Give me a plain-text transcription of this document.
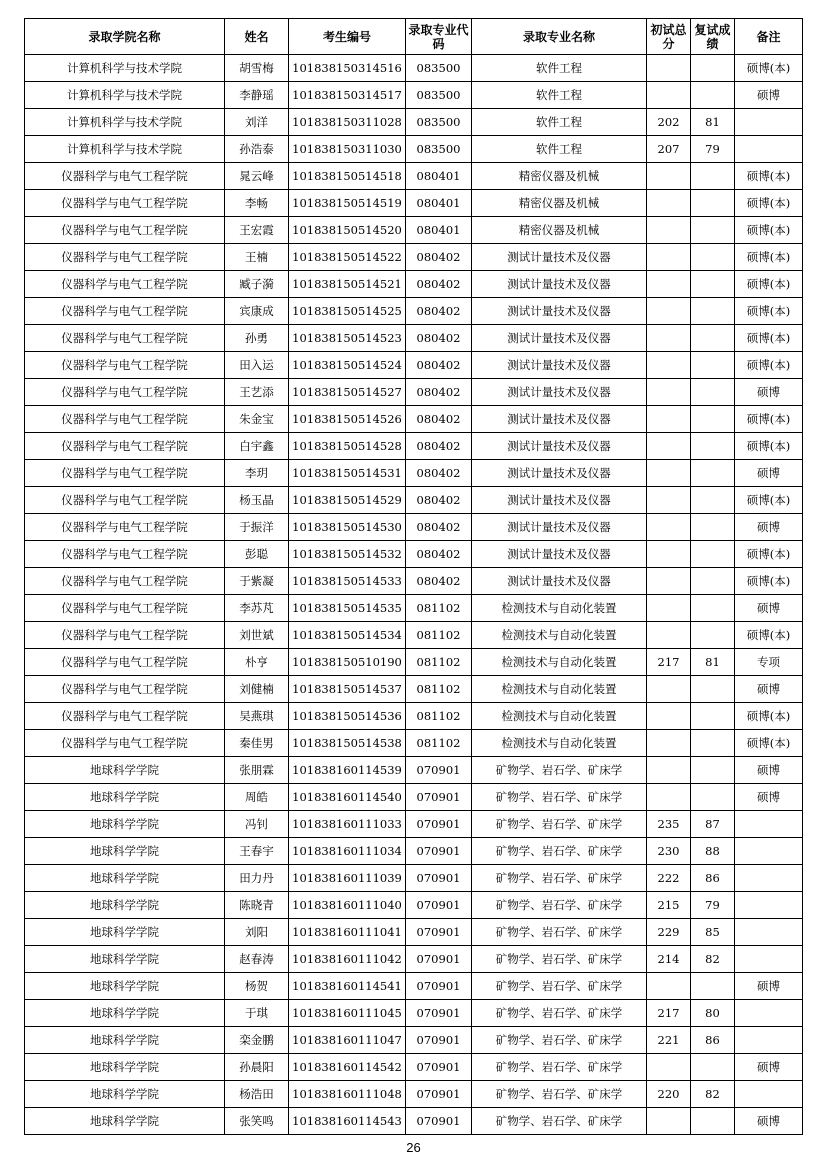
录取学院名称	姓名	考生编号	录取专业代码	录取专业名称	初试总分	复试成绩	备注
计算机科学与技术学院	胡雪梅	101838150314516	083500	软件工程			硕博(本)
计算机科学与技术学院	李静瑶	101838150314517	083500	软件工程			硕博
计算机科学与技术学院	刘洋	101838150311028	083500	软件工程	202	81	
计算机科学与技术学院	孙浩泰	101838150311030	083500	软件工程	207	79	
仪器科学与电气工程学院	晁云峰	101838150514518	080401	精密仪器及机械			硕博(本)
仪器科学与电气工程学院	李畅	101838150514519	080401	精密仪器及机械			硕博(本)
仪器科学与电气工程学院	王宏霞	101838150514520	080401	精密仪器及机械			硕博(本)
仪器科学与电气工程学院	王楠	101838150514522	080402	测试计量技术及仪器			硕博(本)
仪器科学与电气工程学院	臧子漪	101838150514521	080402	测试计量技术及仪器			硕博(本)
仪器科学与电气工程学院	宾康成	101838150514525	080402	测试计量技术及仪器			硕博(本)
仪器科学与电气工程学院	孙勇	101838150514523	080402	测试计量技术及仪器			硕博(本)
仪器科学与电气工程学院	田入运	101838150514524	080402	测试计量技术及仪器			硕博(本)
仪器科学与电气工程学院	王艺添	101838150514527	080402	测试计量技术及仪器			硕博
仪器科学与电气工程学院	朱金宝	101838150514526	080402	测试计量技术及仪器			硕博(本)
仪器科学与电气工程学院	白宇鑫	101838150514528	080402	测试计量技术及仪器			硕博(本)
仪器科学与电气工程学院	李玥	101838150514531	080402	测试计量技术及仪器			硕博
仪器科学与电气工程学院	杨玉晶	101838150514529	080402	测试计量技术及仪器			硕博(本)
仪器科学与电气工程学院	于振洋	101838150514530	080402	测试计量技术及仪器			硕博
仪器科学与电气工程学院	彭聪	101838150514532	080402	测试计量技术及仪器			硕博(本)
仪器科学与电气工程学院	于紫凝	101838150514533	080402	测试计量技术及仪器			硕博(本)
仪器科学与电气工程学院	李苏芃	101838150514535	081102	检测技术与自动化装置			硕博
仪器科学与电气工程学院	刘世斌	101838150514534	081102	检测技术与自动化装置			硕博(本)
仪器科学与电气工程学院	朴亨	101838150510190	081102	检测技术与自动化装置	217	81	专项
仪器科学与电气工程学院	刘健楠	101838150514537	081102	检测技术与自动化装置			硕博
仪器科学与电气工程学院	吴燕琪	101838150514536	081102	检测技术与自动化装置			硕博(本)
仪器科学与电气工程学院	秦佳男	101838150514538	081102	检测技术与自动化装置			硕博(本)
地球科学学院	张朋霖	101838160114539	070901	矿物学、岩石学、矿床学			硕博
地球科学学院	周皓	101838160114540	070901	矿物学、岩石学、矿床学			硕博
地球科学学院	冯钊	101838160111033	070901	矿物学、岩石学、矿床学	235	87	
地球科学学院	王春宇	101838160111034	070901	矿物学、岩石学、矿床学	230	88	
地球科学学院	田力丹	101838160111039	070901	矿物学、岩石学、矿床学	222	86	
地球科学学院	陈晓青	101838160111040	070901	矿物学、岩石学、矿床学	215	79	
地球科学学院	刘阳	101838160111041	070901	矿物学、岩石学、矿床学	229	85	
地球科学学院	赵春涛	101838160111042	070901	矿物学、岩石学、矿床学	214	82	
地球科学学院	杨贺	101838160114541	070901	矿物学、岩石学、矿床学			硕博
地球科学学院	于琪	101838160111045	070901	矿物学、岩石学、矿床学	217	80	
地球科学学院	栾金鹏	101838160111047	070901	矿物学、岩石学、矿床学	221	86	
地球科学学院	孙晨阳	101838160114542	070901	矿物学、岩石学、矿床学			硕博
地球科学学院	杨浩田	101838160111048	070901	矿物学、岩石学、矿床学	220	82	
地球科学学院	张笑鸣	101838160114543	070901	矿物学、岩石学、矿床学			硕博
26
